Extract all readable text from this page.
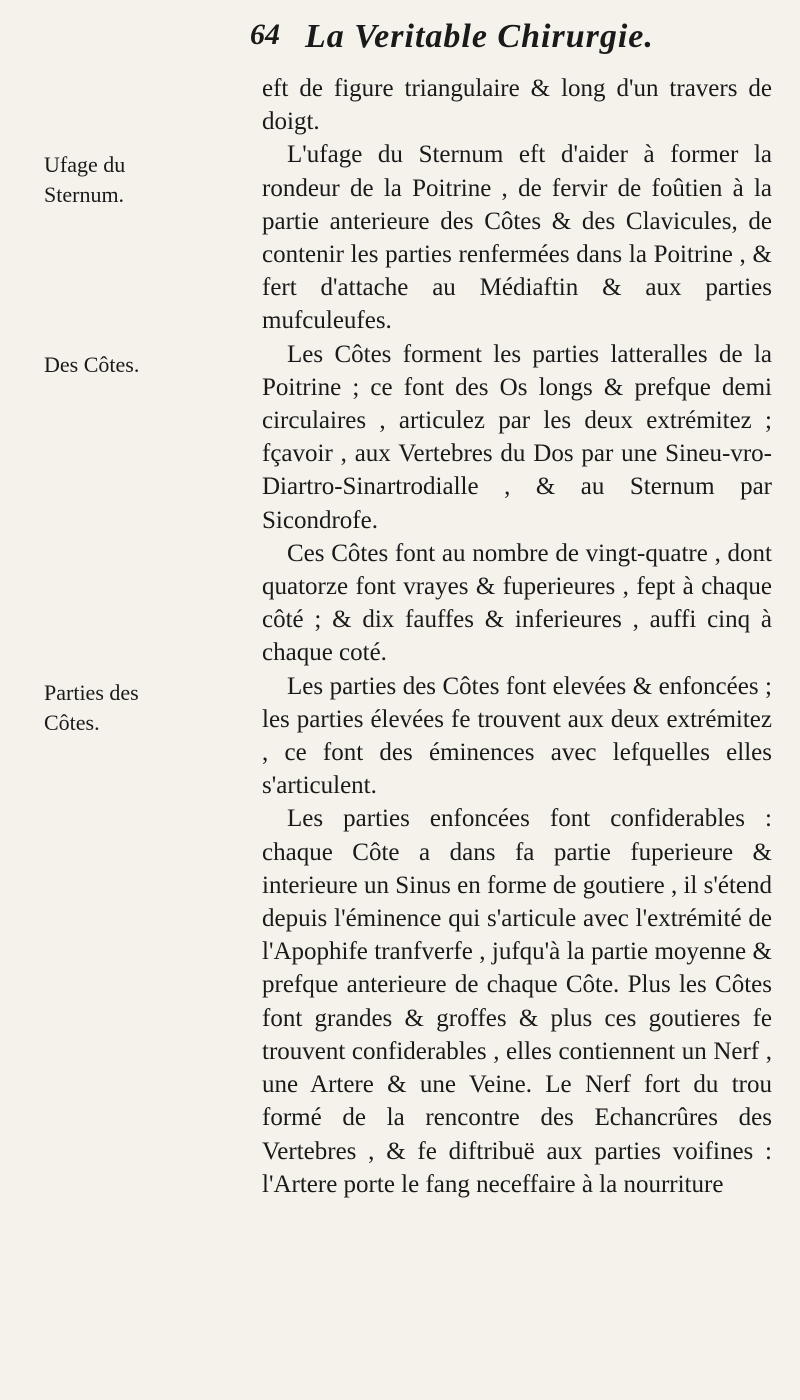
64 La Veritable Chirurgie.
Ufage du
Sternum.
Des Côtes.
Parties des
Côtes.

eft de figure triangulaire & long d'un travers de doigt.

L'ufage du Sternum eft d'aider à former la rondeur de la Poitrine , de fervir de foûtien à la partie anterieure des Côtes & des Clavicules, de contenir les parties renfermées dans la Poitrine , & fert d'attache au Médiaftin & aux parties mufculeufes.

Les Côtes forment les parties latteralles de la Poitrine ; ce font des Os longs & prefque demi circulaires , articulez par les deux extrémitez ; fçavoir , aux Vertebres du Dos par une Sineu-vro-Diartro-Sinartrodialle , & au Sternum par Sicondrofe.

Ces Côtes font au nombre de vingt-quatre , dont quatorze font vrayes & fuperieures , fept à chaque côté ; & dix fauffes & inferieures , auffi cinq à chaque coté.

Les parties des Côtes font elevées & enfoncées ; les parties élevées fe trouvent aux deux extrémitez , ce font des éminences avec lefquelles elles s'articulent.

Les parties enfoncées font confiderables : chaque Côte a dans fa partie fuperieure & interieure un Sinus en forme de goutiere , il s'étend depuis l'éminence qui s'articule avec l'extrémité de l'Apophife tranfverfe , jufqu'à la partie moyenne & prefque anterieure de chaque Côte. Plus les Côtes font grandes & groffes & plus ces goutieres fe trouvent confiderables , elles contiennent un Nerf , une Artere & une Veine. Le Nerf fort du trou formé de la rencontre des Echancrûres des Vertebres , & fe diftribuë aux parties voifines : l'Artere porte le fang neceffaire à la nourriture
